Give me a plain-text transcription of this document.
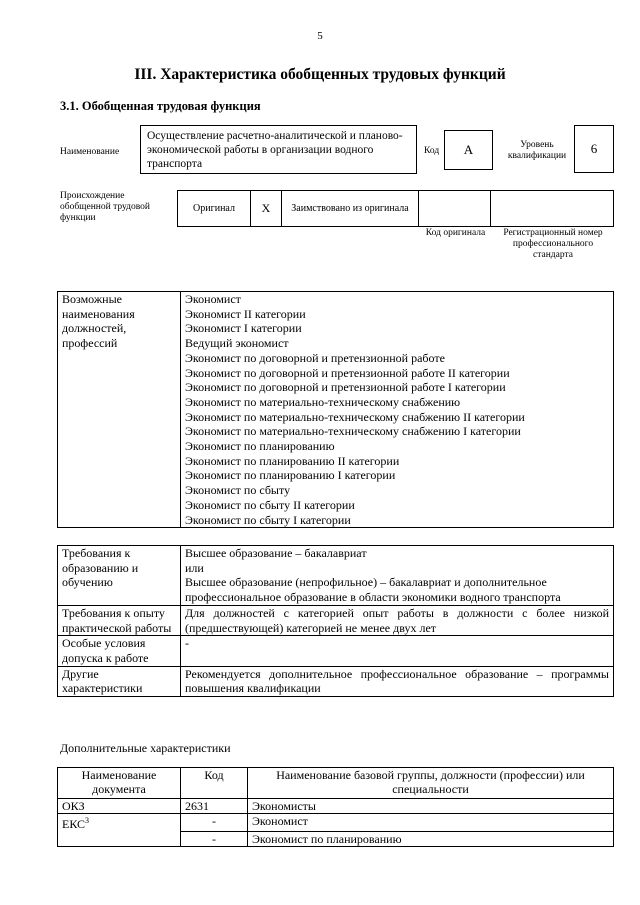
5
III. Характеристика обобщенных трудовых функций
3.1. Обобщенная трудовая функция
Наименование
Осуществление расчетно-аналитической и планово-экономической работы в организации водного транспорта
Код	A	Уровень квалификации	6
Происхождение обобщенной трудовой функции
Оригинал	X	Заимствовано из оригинала		
Код оригинала	Регистрационный номер профессионального стандарта
Возможные наименования должностей, профессий	
Экономист
Экономист II категории
Экономист I категории
Ведущий экономист
Экономист по договорной и претензионной работе
Экономист по договорной и претензионной работе II категории
Экономист по договорной и претензионной работе I категории
Экономист по материально-техническому снабжению
Экономист по материально-техническому снабжению II категории
Экономист по материально-техническому снабжению I категории
Экономист по планированию
Экономист по планированию II категории
Экономист по планированию I категории
Экономист по сбыту
Экономист по сбыту II категории
Экономист по сбыту I категории
Требования к образованию и обучению	Высшее образование – бакалавриат
или
Высшее образование (непрофильное) – бакалавриат и дополнительное профессиональное образование в области экономики водного транспорта

Требования к опыту практической работы	Для должностей с категорией опыт работы в должности с более низкой (предшествующей) категорией не менее двух лет
Особые условия допуска к работе	-
Другие характеристики	Рекомендуется дополнительное профессиональное образование – программы повышения квалификации
Дополнительные характеристики
Наименование документа	Код	Наименование базовой группы, должности (профессии) или специальности
ОКЗ	2631	Экономисты
ЕКС$^3$	-	Экономист
	-	Экономист по планированию
